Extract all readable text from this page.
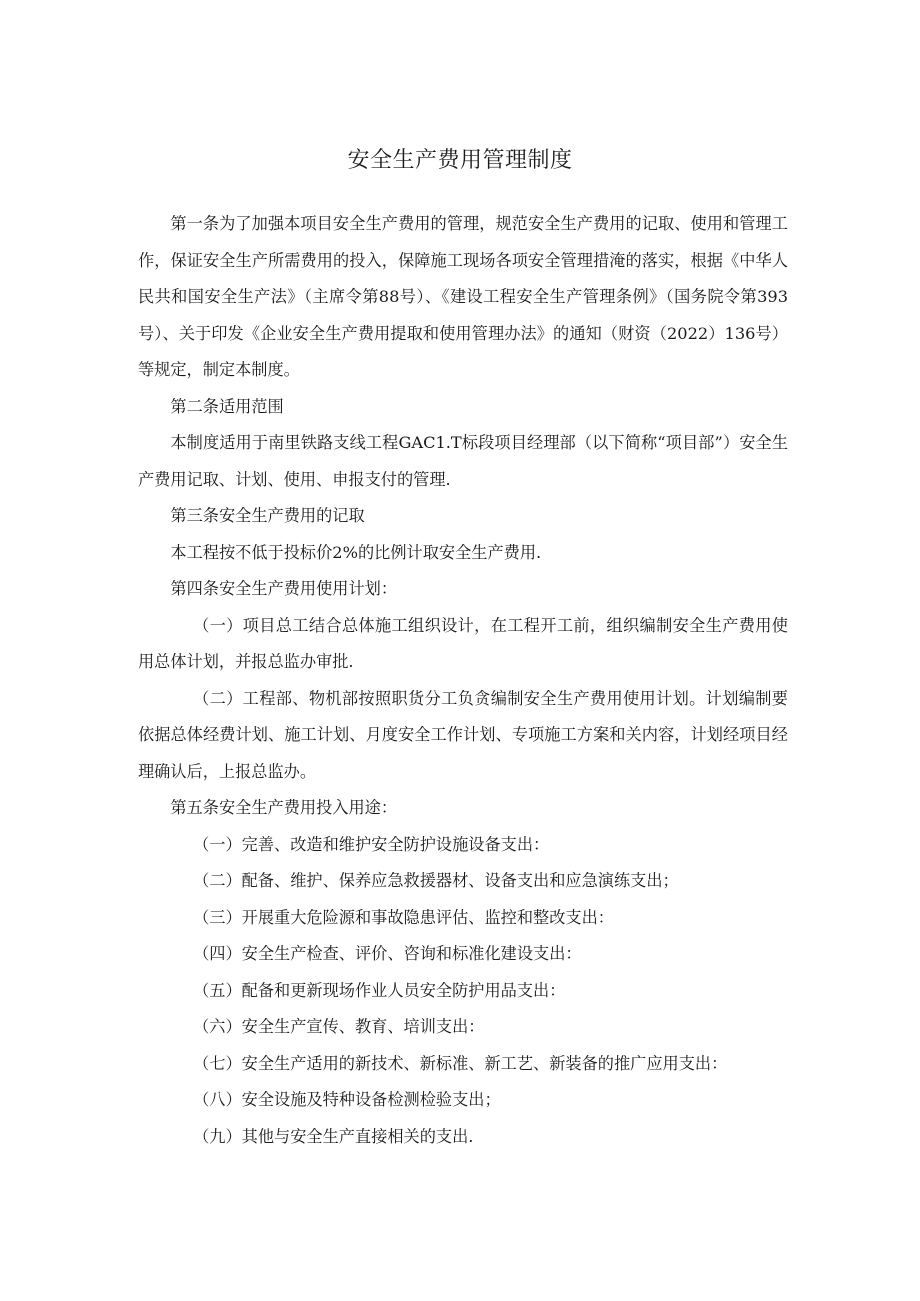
安全生产费用管理制度

第一条为了加强本项目安全生产费用的管理，规范安全生产费用的记取、使用和管理工作，保证安全生产所需费用的投入，保障施工现场各项安全管理措淹的落实，根据《中华人民共和国安全生产法》（主席令第88号）、《建设工程安全生产管理条例》（国务院令第393号）、关于印发《企业安全生产费用提取和使用管理办法》的通知（财资（2022）136号）等规定，制定本制度。

第二条适用范围

本制度适用于南里铁路支线工程GAC1.T标段项目经理部（以下简称“项目部”）安全生产费用记取、计划、使用、申报支付的管理.

第三条安全生产费用的记取

本工程按不低于投标价2%的比例计取安全生产费用.

第四条安全生产费用使用计划：

（一）项目总工结合总体施工组织设计，在工程开工前，组织编制安全生产费用使用总体计划，并报总监办审批.

（二）工程部、物机部按照职货分工负贪编制安全生产费用使用计划。计划编制要依据总体经费计划、施工计划、月度安全工作计划、专项施工方案和关内容，计划经项目经理确认后，上报总监办。

第五条安全生产费用投入用途：

（一）完善、改造和维护安全防护设施设备支出：

（二）配备、维护、保养应急救援器材、设备支出和应急演练支出；

（三）开展重大危险源和事故隐患评估、监控和整改支出：

（四）安全生产检查、评价、咨询和标准化建设支出：

（五）配备和更新现场作业人员安全防护用品支出：

（六）安全生产宣传、教育、培训支出：

（七）安全生产适用的新技术、新标准、新工艺、新装备的推广应用支出：

（八）安全设施及特种设备检测检验支出；

（九）其他与安全生产直接相关的支出.
